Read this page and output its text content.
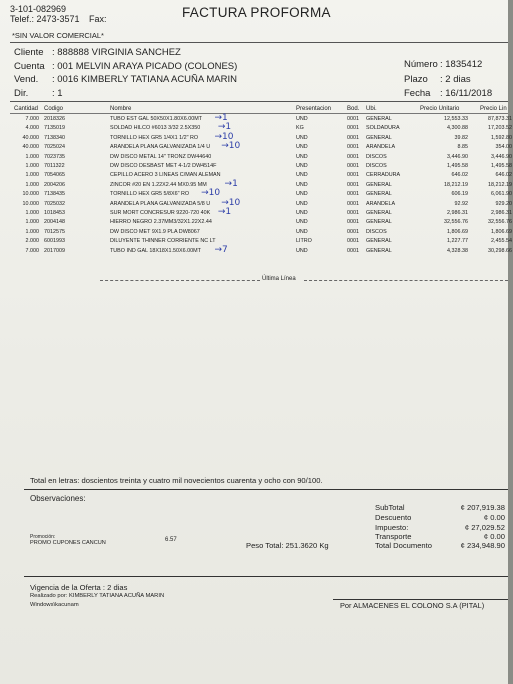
3-101-082969
Telef.: 2473-3571 Fax:	FACTURA PROFORMA
*SIN VALOR COMERCIAL*
Cliente : 888888 VIRGINIA SANCHEZ
Cuenta : 001 MELVIN ARAYA PICADO (COLONES)
Vend. : 0016 KIMBERLY TATIANA ACUÑA MARIN
Dir.	: 1
Número : 1835412
Plazo : 2 dias
Fecha : 16/11/2018
Cantidad Codigo	Nombre	Presentacion	Bod. Ubi.	Precio Unitario	Precio Lin
7.000 2018326	TUBO EST GAL 50X50X1.80X6.00MT	UND	0001 GENERAL	12,553.33	87,873.31
→1
4.000 7135019	SOLDAD HILCO #6013 3/32 2.5X350	KG	0001 SOLDADURA	4,300.88	17,203.52
→1
40.000 7138340	TORNILLO HEX GR5 1/4X1 1/2" RO	UND	0001 GENERAL	39.82	1,592.80
→10
40.000 7025024	ARANDELA PLANA GALVANIZADA 1/4 U	UND	0001 ARANDELA	8.85	354.00
→10
1.000 7023735	DW DISCO METAL 14" TRONZ DW44640	UND	0001 DISCOS	3,446.90	3,446.90
1.000 7011322	DW DISCO DESBAST MET 4-1/2 DW4514F	UND	0001 DISCOS	1,495.58	1,495.58
1.000 7054065	CEPILLO ACERO 3 LINEAS C/MAN ALEMAN	UND	0001 CERRADURA	646.02	646.02
1.000 2004206	ZINCOR #20 EN 1.22X2.44 MX0.95 MM	UND	0001 GENERAL	18,212.19	18,212.19
→1
10.000 7138435	TORNILLO HEX GR5 5/8X6" RO	UND	0001 GENERAL	606.19	6,061.90
→10
10.000 7025032	ARANDELA PLANA GALVANIZADA 5/8 U	UND	0001 ARANDELA	92.92	929.20
→10
1.000 1018453	SUR MORT CONCRESUR 9220-720 40K	UND	0001 GENERAL	2,986.31	2,986.31
→1
1.000 2004148	HIERRO NEGRO 2.37MM3/32X1.22X2.44	UND	0001 GENERAL	32,556.76	32,556.76
1.000 7012575	DW DISCO MET 9X1.9 PLA DW8067	UND	0001 DISCOS	1,806.69	1,806.69
2.000 6001993	DILUYENTE THINNER CORRIENTE NC LT	LITRO	0001 GENERAL	1,227.77	2,455.54
7.000 2017009	TUBO IND GAL 18X18X1.50X6.00MT	UND	0001 GENERAL	4,328.38	30,298.66
→7
Última Línea
Total en letras: doscientos treinta y cuatro mil novecientos cuarenta y ocho con 90/100.
Observaciones:
Promoción:
PROMO CUPONES CANCUN	6.57
Peso Total: 251.3620 Kg
SubTotal	¢ 207,919.38
Descuento	¢ 0.00
Impuesto:	¢ 27,029.52
Transporte	¢ 0.00
Total Documento	¢ 234,948.90
Vigencia de la Oferta : 2 dias
Realizado por: KIMBERLY TATIANA ACUÑA MARIN
Windows\kacunam	Por ALMACENES EL COLONO S.A (PITAL)
